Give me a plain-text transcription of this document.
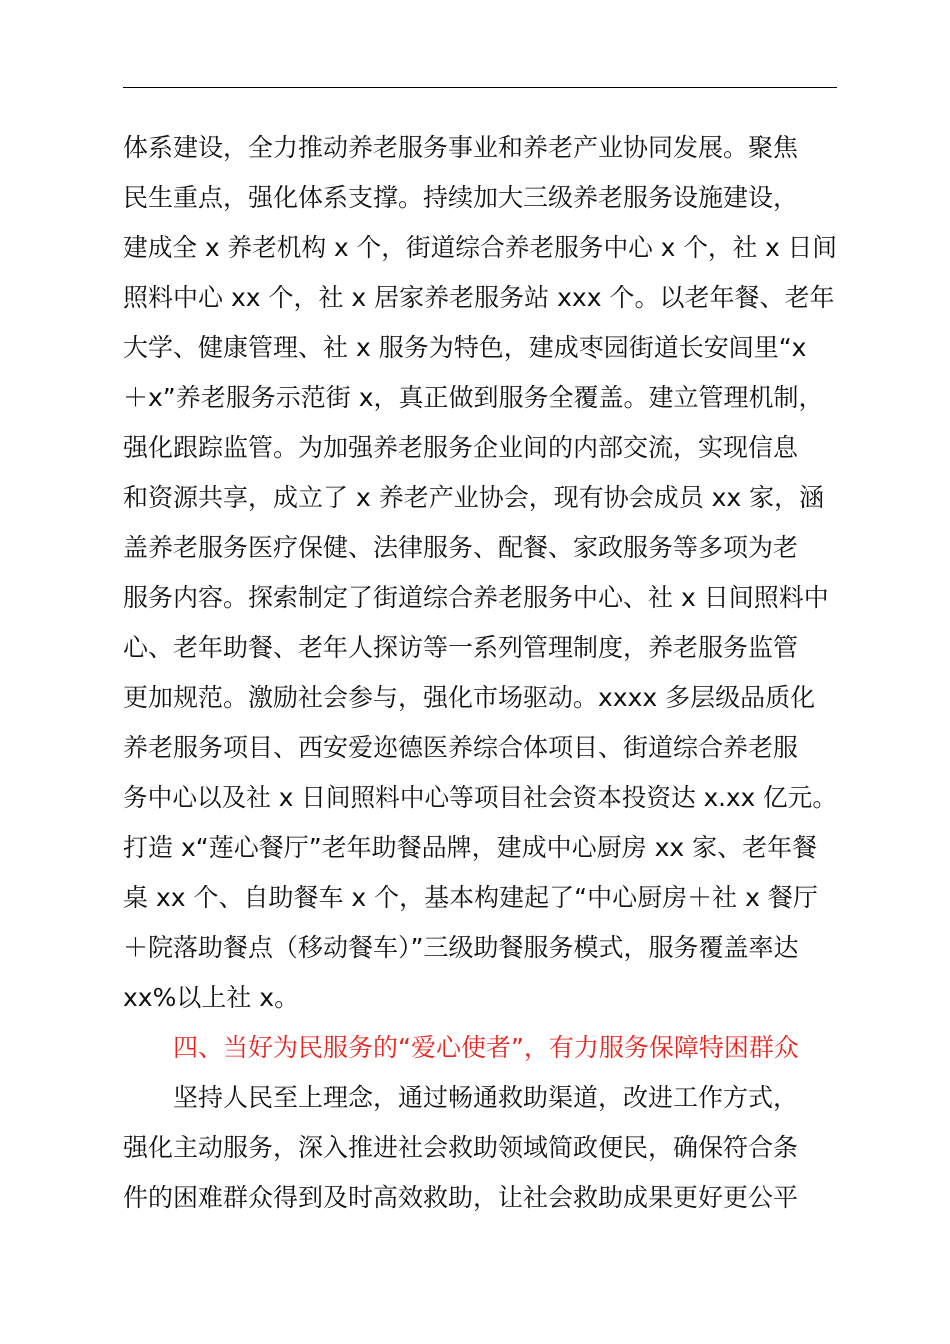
体系建设，全力推动养老服务事业和养老产业协同发展。聚焦
民生重点，强化体系支撑。持续加大三级养老服务设施建设，
建成全 x 养老机构 x 个，街道综合养老服务中心 x 个，社 x 日间
照料中心 xx 个，社 x 居家养老服务站 xxx 个。以老年餐、老年
大学、健康管理、社 x 服务为特色，建成枣园街道长安闾里“x
＋x”养老服务示范街 x，真正做到服务全覆盖。建立管理机制，
强化跟踪监管。为加强养老服务企业间的内部交流，实现信息
和资源共享，成立了 x 养老产业协会，现有协会成员 xx 家，涵
盖养老服务医疗保健、法律服务、配餐、家政服务等多项为老
服务内容。探索制定了街道综合养老服务中心、社 x 日间照料中
心、老年助餐、老年人探访等一系列管理制度，养老服务监管
更加规范。激励社会参与，强化市场驱动。xxxx 多层级品质化
养老服务项目、西安爱迩德医养综合体项目、街道综合养老服
务中心以及社 x 日间照料中心等项目社会资本投资达 x.xx 亿元。
打造 x“莲心餐厅”老年助餐品牌，建成中心厨房 xx 家、老年餐
桌 xx 个、自助餐车 x 个，基本构建起了“中心厨房＋社 x 餐厅
＋院落助餐点（移动餐车）”三级助餐服务模式，服务覆盖率达
xx%以上社 x。
四、当好为民服务的“爱心使者”，有力服务保障特困群众
坚持人民至上理念，通过畅通救助渠道，改进工作方式，
强化主动服务，深入推进社会救助领域简政便民，确保符合条
件的困难群众得到及时高效救助，让社会救助成果更好更公平
